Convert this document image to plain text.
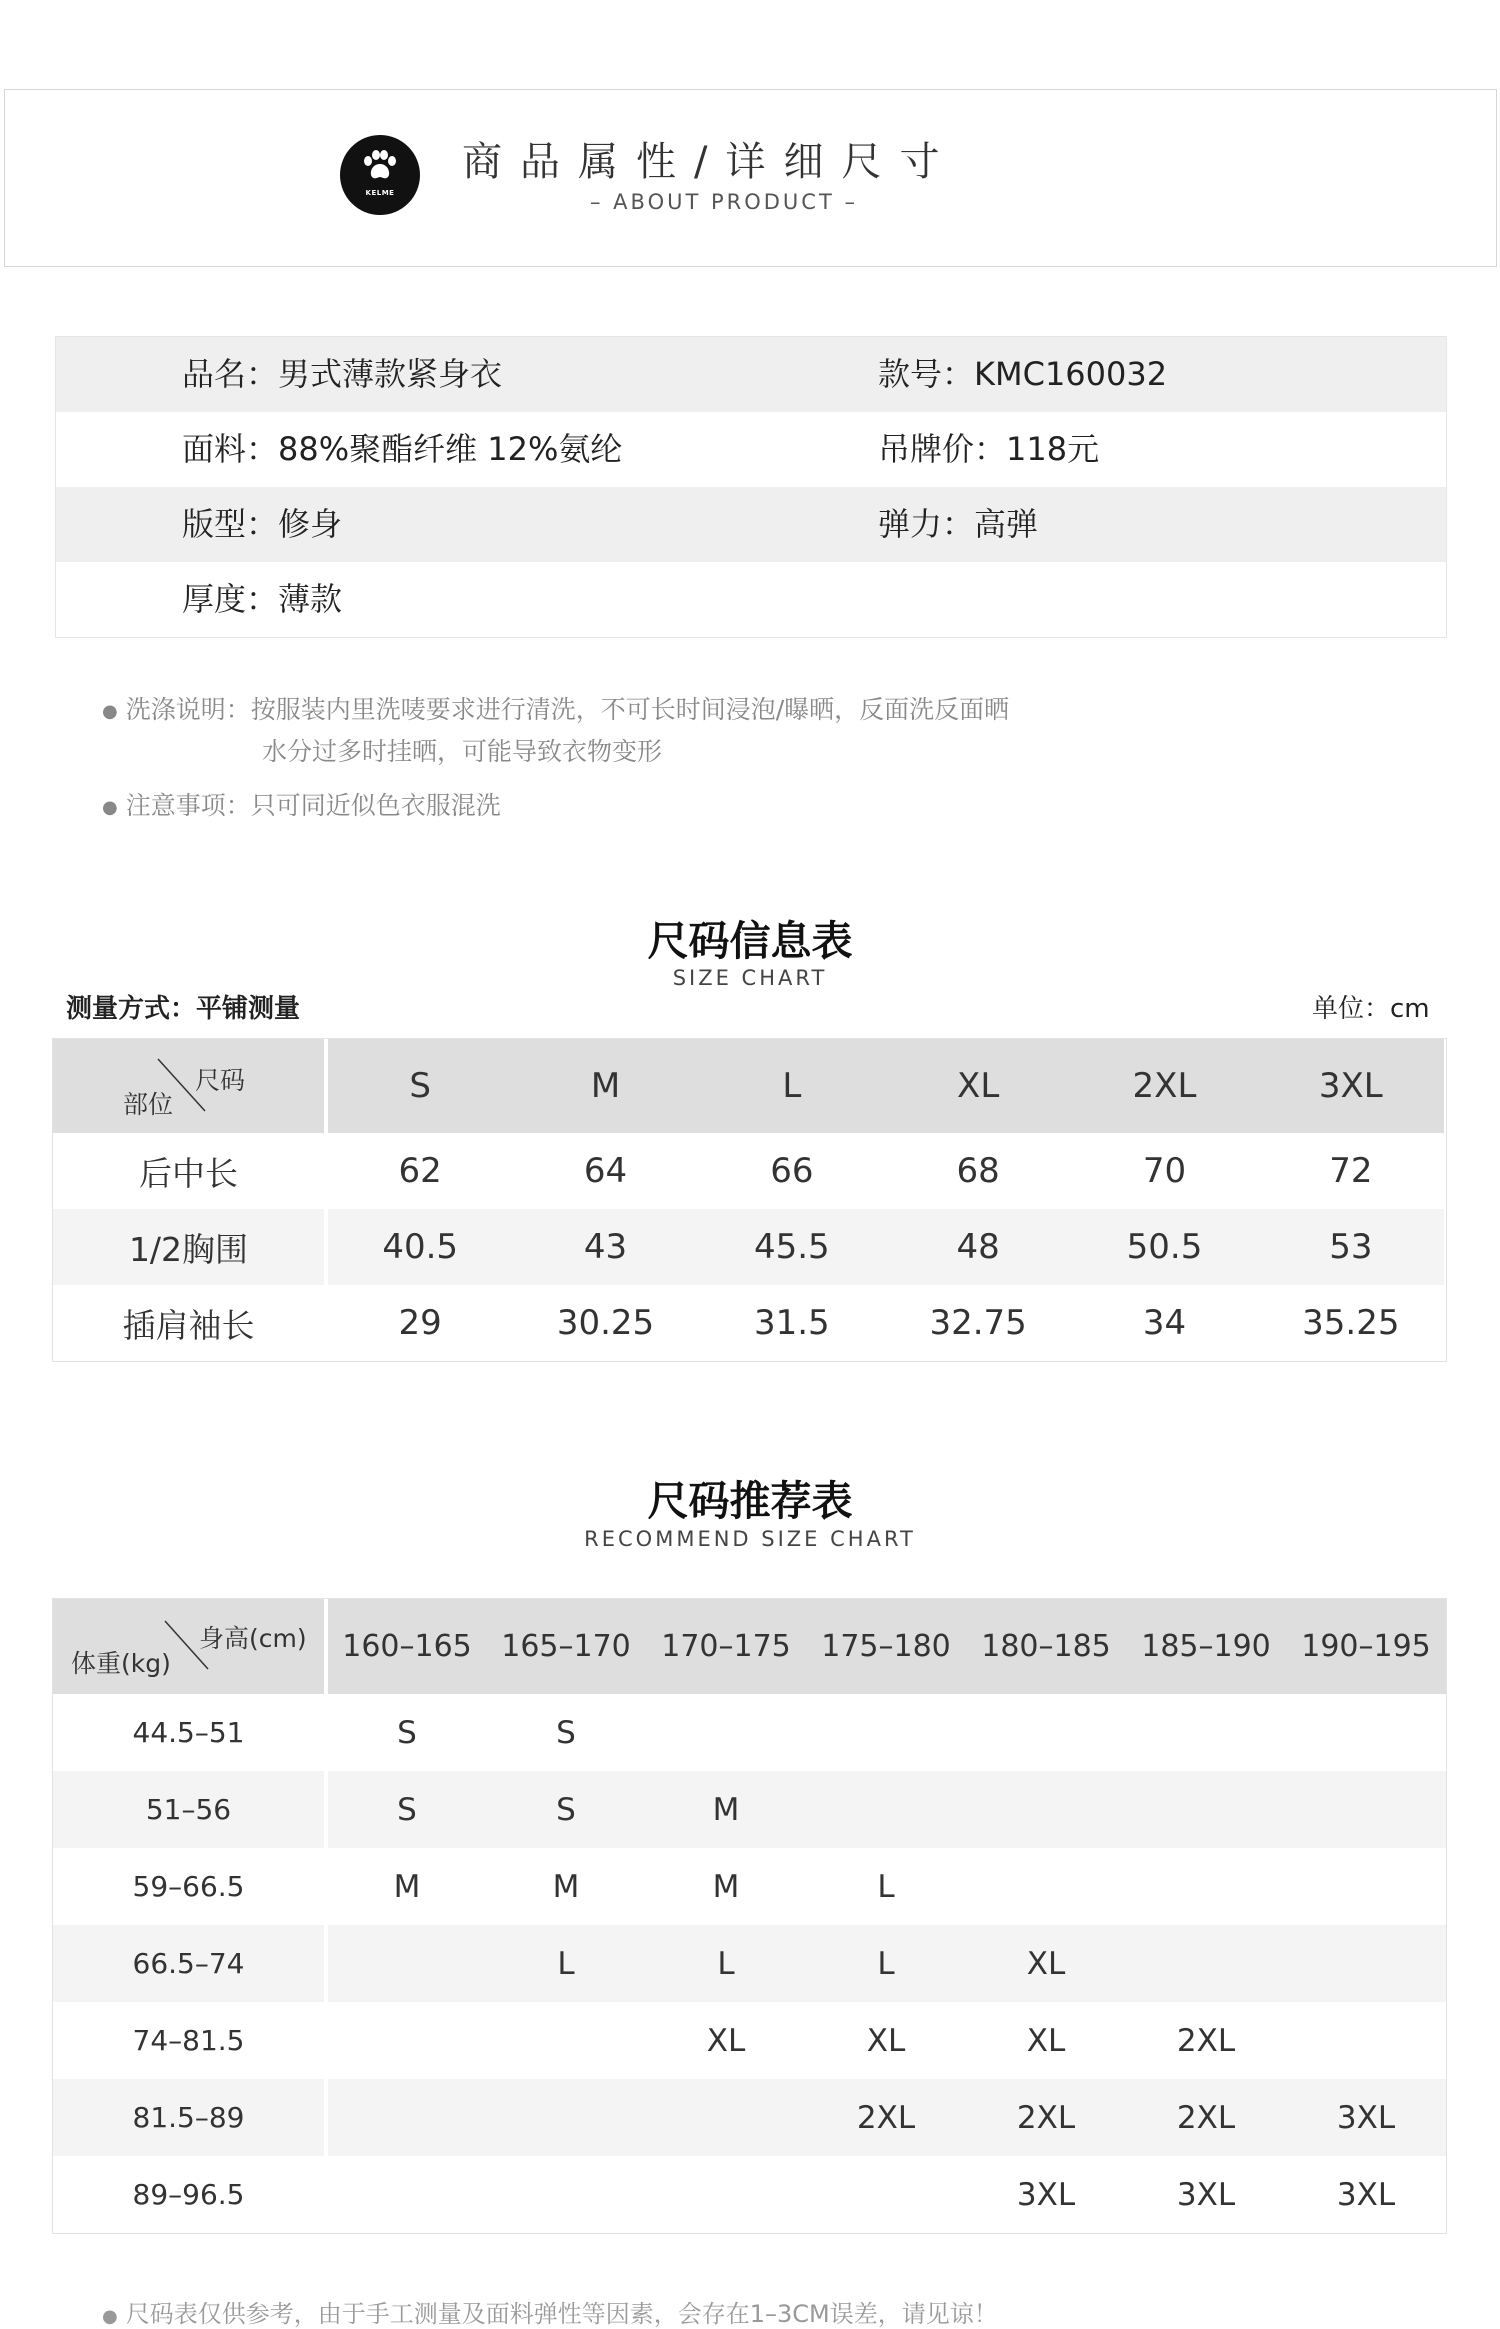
KELME
商品属性/详细尺寸
– ABOUT PRODUCT –
品名：男式薄款紧身衣	款号：KMC160032
面料：88%聚酯纤维 12%氨纶	吊牌价：118元
版型：修身	弹力：高弹
厚度：薄款
● 洗涤说明：按服装内里洗唛要求进行清洗，不可长时间浸泡/曝晒，反面洗反面晒
水分过多时挂晒，可能导致衣物变形
● 注意事项：只可同近似色衣服混洗
尺码信息表
SIZE CHART
测量方式：平铺测量	单位：cm
部位
尺码	S	M	L	XL	2XL	3XL
后中长	62	64	66	68	70	72
1/2胸围	40.5	43	45.5	48	50.5	53
插肩袖长	29	30.25	31.5	32.75	34	35.25
尺码推荐表
RECOMMEND SIZE CHART
体重(kg)
身高(cm)	160–165	165–170	170–175	175–180	180–185	185–190	190–195
44.5–51	S	S					
51–56	S	S	M				
59–66.5	M	M	M	L			
66.5–74		L	L	L	XL		
74–81.5			XL	XL	XL	2XL	
81.5–89				2XL	2XL	2XL	3XL
89–96.5					3XL	3XL	3XL
● 尺码表仅供参考，由于手工测量及面料弹性等因素，会存在1–3CM误差，请见谅！
